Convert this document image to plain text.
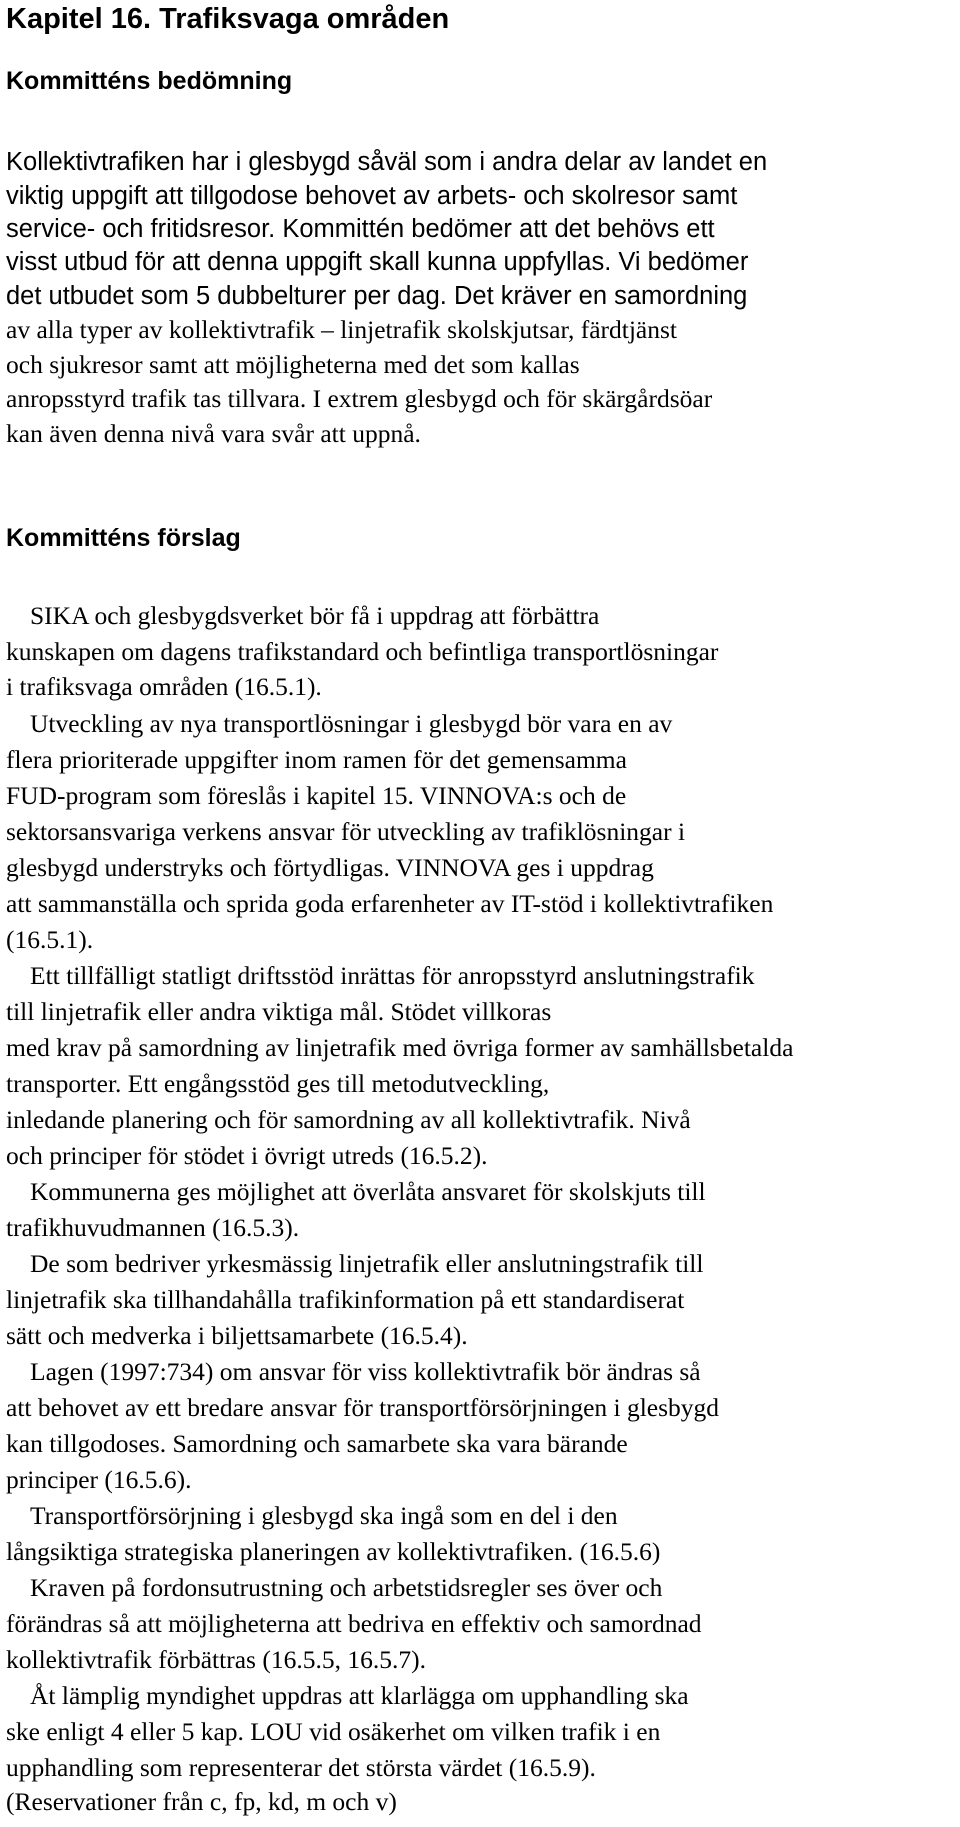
Kapitel 16. Trafiksvaga områden
Kommitténs bedömning

Kollektivtrafiken har i glesbygd såväl som i andra delar av landet en

viktig uppgift att tillgodose behovet av arbets- och skolresor samt

service- och fritidsresor. Kommittén bedömer att det behövs ett

visst utbud för att denna uppgift skall kunna uppfyllas. Vi bedömer

det utbudet som 5 dubbelturer per dag. Det kräver en samordning

av alla typer av kollektivtrafik – linjetrafik skolskjutsar, färdtjänst

och sjukresor samt att möjligheterna med det som kallas

anropsstyrd trafik tas tillvara. I extrem glesbygd och för skärgårdsöar

kan även denna nivå vara svår att uppnå.

Kommitténs förslag

SIKA och glesbygdsverket bör få i uppdrag att förbättra

kunskapen om dagens trafikstandard och befintliga transportlösningar

i trafiksvaga områden (16.5.1).

Utveckling av nya transportlösningar i glesbygd bör vara en av

flera prioriterade uppgifter inom ramen för det gemensamma

FUD-program som föreslås i kapitel 15. VINNOVA:s och de

sektorsansvariga verkens ansvar för utveckling av trafiklösningar i

glesbygd understryks och förtydligas. VINNOVA ges i uppdrag

att sammanställa och sprida goda erfarenheter av IT-stöd i kollektivtrafiken

(16.5.1).

Ett tillfälligt statligt driftsstöd inrättas för anropsstyrd anslutningstrafik

till linjetrafik eller andra viktiga mål. Stödet villkoras

med krav på samordning av linjetrafik med övriga former av samhällsbetalda

transporter. Ett engångsstöd ges till metodutveckling,

inledande planering och för samordning av all kollektivtrafik. Nivå

och principer för stödet i övrigt utreds (16.5.2).

Kommunerna ges möjlighet att överlåta ansvaret för skolskjuts till

trafikhuvudmannen (16.5.3).

De som bedriver yrkesmässig linjetrafik eller anslutningstrafik till

linjetrafik ska tillhandahålla trafikinformation på ett standardiserat

sätt och medverka i biljettsamarbete (16.5.4).

Lagen (1997:734) om ansvar för viss kollektivtrafik bör ändras så

att behovet av ett bredare ansvar för transportförsörjningen i glesbygd

kan tillgodoses. Samordning och samarbete ska vara bärande

principer (16.5.6).

Transportförsörjning i glesbygd ska ingå som en del i den

långsiktiga strategiska planeringen av kollektivtrafiken. (16.5.6)

Kraven på fordonsutrustning och arbetstidsregler ses över och

förändras så att möjligheterna att bedriva en effektiv och samordnad

kollektivtrafik förbättras (16.5.5, 16.5.7).

Åt lämplig myndighet uppdras att klarlägga om upphandling ska

ske enligt 4 eller 5 kap. LOU vid osäkerhet om vilken trafik i en

upphandling som representerar det största värdet (16.5.9).

(Reservationer från c, fp, kd, m och v)
